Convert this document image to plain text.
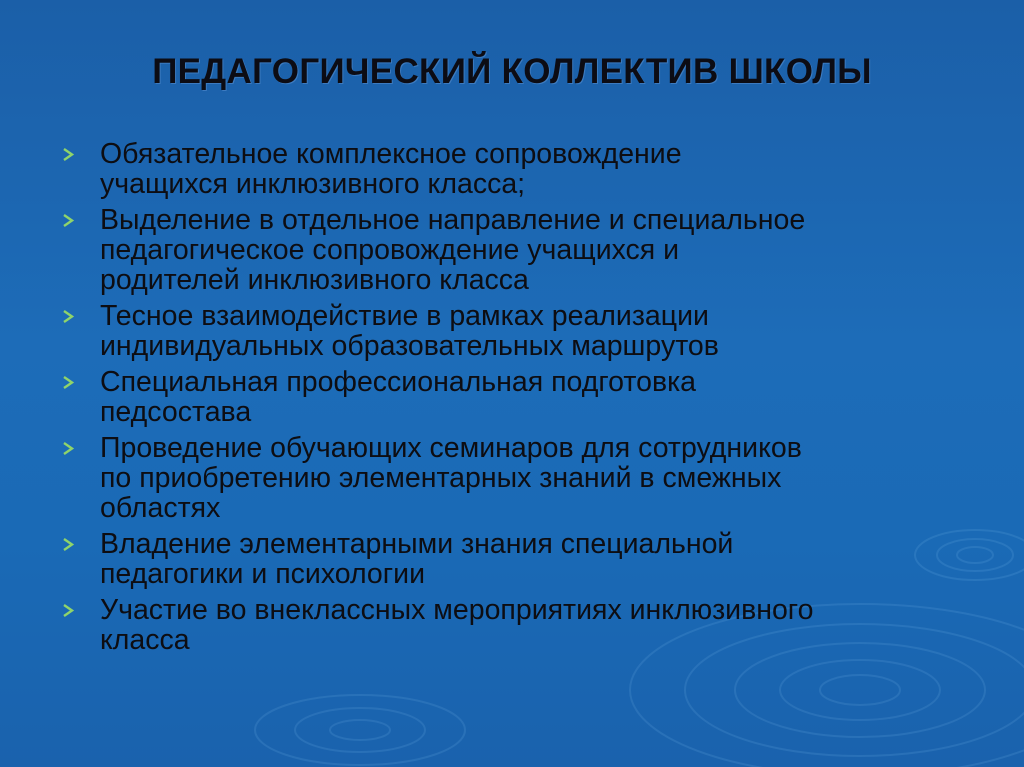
ПЕДАГОГИЧЕСКИЙ КОЛЛЕКТИВ ШКОЛЫ
Обязательное комплексное сопровождение
учащихся инклюзивного класса;
Выделение в отдельное направление и специальное
педагогическое сопровождение учащихся и
родителей инклюзивного класса
Тесное взаимодействие в рамках реализации
индивидуальных образовательных маршрутов
Специальная профессиональная подготовка
педсостава
Проведение обучающих семинаров для сотрудников
по приобретению элементарных знаний в смежных
областях
Владение элементарными знания специальной
педагогики и психологии
Участие во внеклассных мероприятиях инклюзивного
класса
